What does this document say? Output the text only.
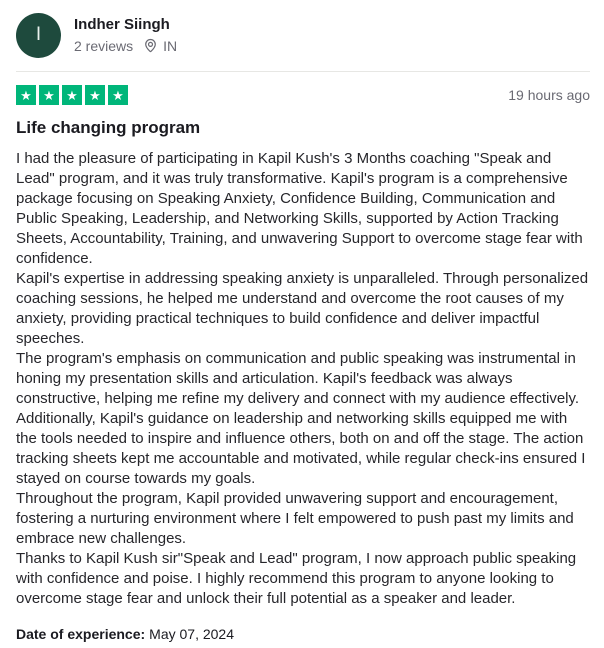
I Indher Siingh
2 reviews IN
★ ★ ★ ★ ★	19 hours ago
Life changing program

I had the pleasure of participating in Kapil Kush's 3 Months coaching "Speak and Lead" program, and it was truly transformative. Kapil's program is a comprehensive package focusing on Speaking Anxiety, Confidence Building, Communication and Public Speaking, Leadership, and Networking Skills, supported by Action Tracking Sheets, Accountability, Training, and unwavering Support to overcome stage fear with confidence.

Kapil's expertise in addressing speaking anxiety is unparalleled. Through personalized coaching sessions, he helped me understand and overcome the root causes of my anxiety, providing practical techniques to build confidence and deliver impactful speeches.

The program's emphasis on communication and public speaking was instrumental in honing my presentation skills and articulation. Kapil's feedback was always constructive, helping me refine my delivery and connect with my audience effectively. Additionally, Kapil's guidance on leadership and networking skills equipped me with the tools needed to inspire and influence others, both on and off the stage. The action tracking sheets kept me accountable and motivated, while regular check-ins ensured I stayed on course towards my goals.

Throughout the program, Kapil provided unwavering support and encouragement, fostering a nurturing environment where I felt empowered to push past my limits and embrace new challenges.

Thanks to Kapil Kush sir"Speak and Lead" program, I now approach public speaking with confidence and poise. I highly recommend this program to anyone looking to overcome stage fear and unlock their full potential as a speaker and leader.

Date of experience: May 07, 2024
